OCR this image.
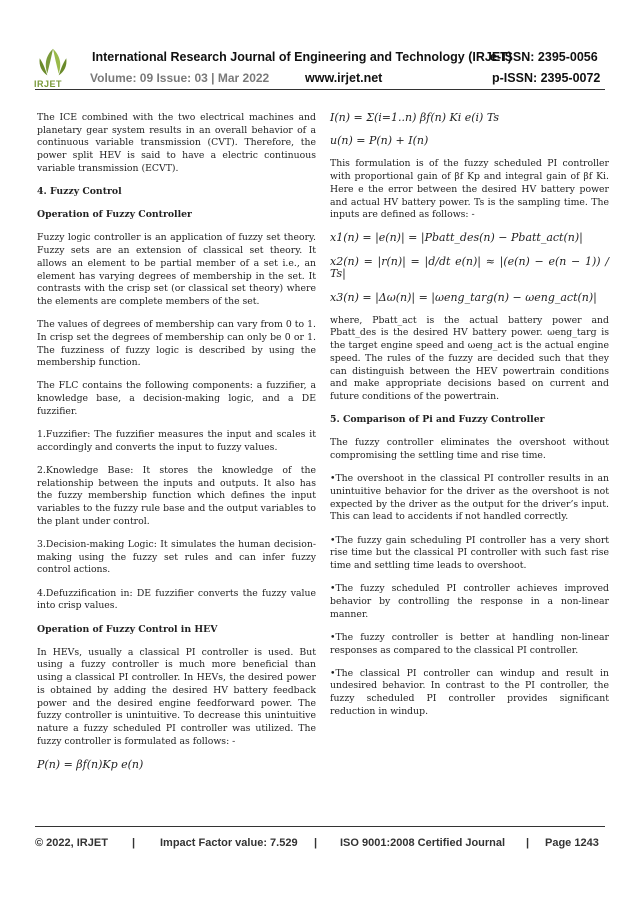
IRJET
International Research Journal of Engineering and Technology (IRJET)
e-ISSN: 2395-0056
Volume: 09 Issue: 03 | Mar 2022	www.irjet.net	p-ISSN: 2395-0072

The ICE combined with the two electrical machines and planetary gear system results in an overall behavior of a continuous variable transmission (CVT). Therefore, the power split HEV is said to have a electric continuous variable transmission (ECVT).

4. Fuzzy Control

Operation of Fuzzy Controller

Fuzzy logic controller is an application of fuzzy set theory. Fuzzy sets are an extension of classical set theory. It allows an element to be partial member of a set i.e., an element has varying degrees of membership in the set. It contrasts with the crisp set (or classical set theory) where the elements are complete members of the set.

The values of degrees of membership can vary from 0 to 1. In crisp set the degrees of membership can only be 0 or 1. The fuzziness of fuzzy logic is described by using the membership function.

The FLC contains the following components: a fuzzifier, a knowledge base, a decision-making logic, and a DE fuzzifier.

1.Fuzzifier: The fuzzifier measures the input and scales it accordingly and converts the input to fuzzy values.

2.Knowledge Base: It stores the knowledge of the relationship between the inputs and outputs. It also has the fuzzy membership function which defines the input variables to the fuzzy rule base and the output variables to the plant under control.

3.Decision-making Logic: It simulates the human decision-making using the fuzzy set rules and can infer fuzzy control actions.

4.Defuzzification in: DE fuzzifier converts the fuzzy value into crisp values.

Operation of Fuzzy Control in HEV

In HEVs, usually a classical PI controller is used. But using a fuzzy controller is much more beneficial than using a classical PI controller. In HEVs, the desired power is obtained by adding the desired HV battery feedback power and the desired engine feedforward power. The fuzzy controller is unintuitive. To decrease this unintuitive nature a fuzzy scheduled PI controller was utilized. The fuzzy controller is formulated as follows: -

P(n) = βf(n)Kp e(n)

I(n) = Σ(i=1..n) βf(n) Ki e(i) Ts

u(n) = P(n) + I(n)

This formulation is of the fuzzy scheduled PI controller with proportional gain of βf Kp and integral gain of βf Ki. Here e the error between the desired HV battery power and actual HV battery power. Ts is the sampling time. The inputs are defined as follows: -

x1(n) = |e(n)| = |Pbatt_des(n) − Pbatt_act(n)|

x2(n) = |r(n)| = |d/dt e(n)| ≈ |(e(n) − e(n − 1)) / Ts|

x3(n) = |Δω(n)| = |ωeng_targ(n) − ωeng_act(n)|

where, Pbatt_act is the actual battery power and Pbatt_des is the desired HV battery power. ωeng_targ is the target engine speed and ωeng_act is the actual engine speed. The rules of the fuzzy are decided such that they can distinguish between the HEV powertrain conditions and make appropriate decisions based on current and future conditions of the powertrain.

5. Comparison of Pi and Fuzzy Controller

The fuzzy controller eliminates the overshoot without compromising the settling time and rise time.

•The overshoot in the classical PI controller results in an unintuitive behavior for the driver as the overshoot is not expected by the driver as the output for the driver’s input. This can lead to accidents if not handled correctly.

•The fuzzy gain scheduling PI controller has a very short rise time but the classical PI controller with such fast rise time and settling time leads to overshoot.

•The fuzzy scheduled PI controller achieves improved behavior by controlling the response in a non-linear manner.

•The fuzzy controller is better at handling non-linear responses as compared to the classical PI controller.

•The classical PI controller can windup and result in undesired behavior. In contrast to the PI controller, the fuzzy scheduled PI controller provides significant reduction in windup.

© 2022, IRJET | Impact Factor value: 7.529 | ISO 9001:2008 Certified Journal | Page 1243
